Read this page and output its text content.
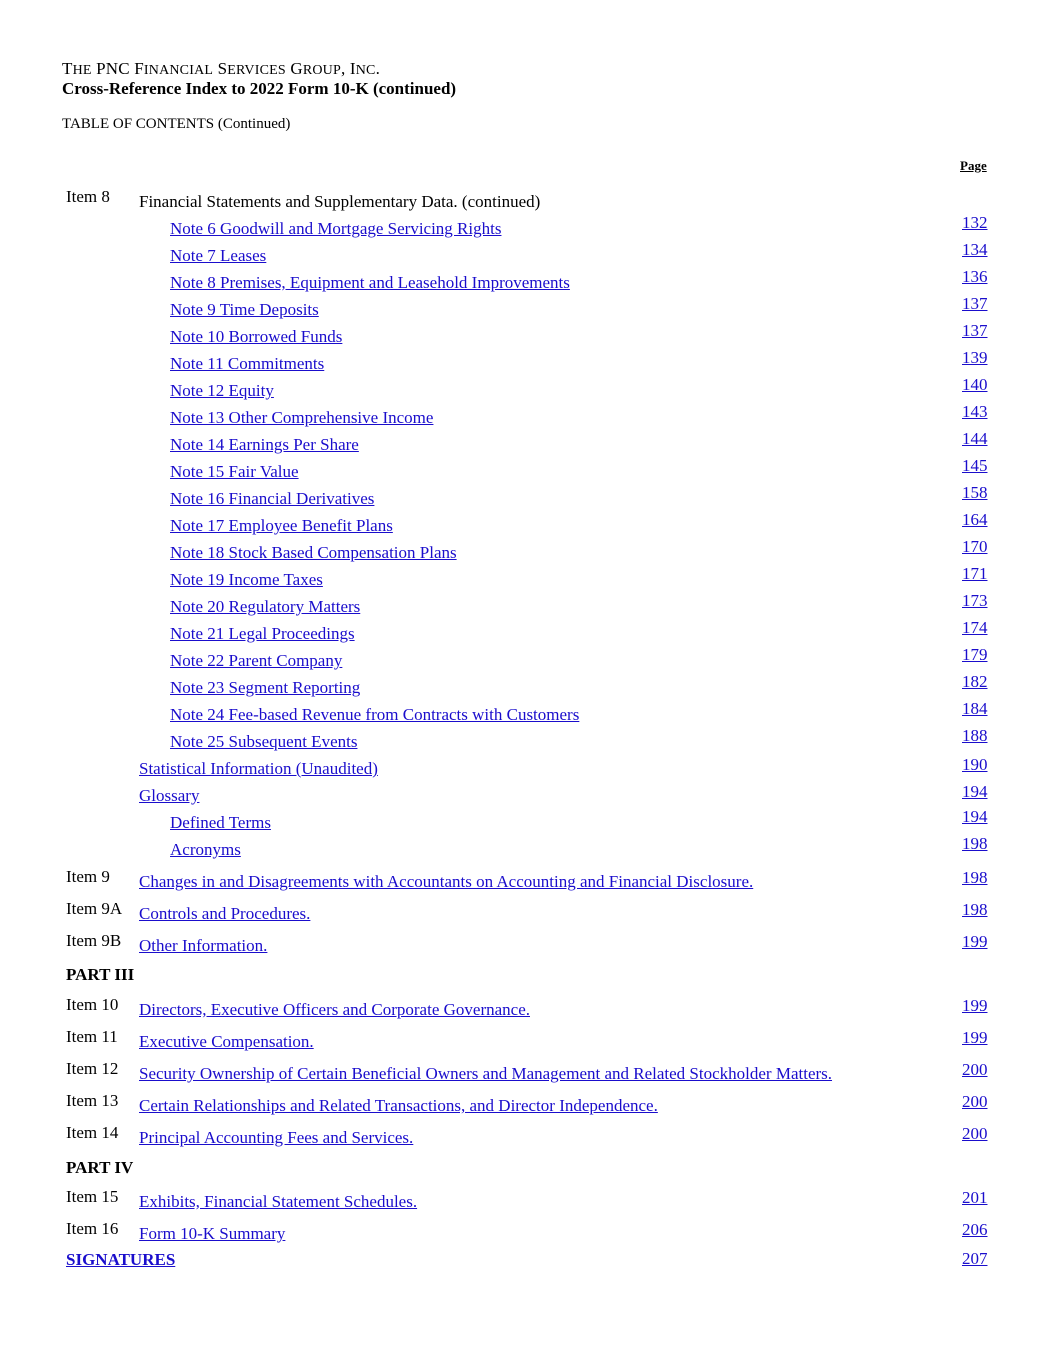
THE PNC FINANCIAL SERVICES GROUP, INC.
Cross-Reference Index to 2022 Form 10-K (continued)
TABLE OF CONTENTS (Continued)
Page
Item 8 Financial Statements and Supplementary Data. (continued)
Note 6 Goodwill and Mortgage Servicing Rights	132
Note 7 Leases	134
Note 8 Premises, Equipment and Leasehold Improvements	136
Note 9 Time Deposits	137
Note 10 Borrowed Funds	137
Note 11 Commitments	139
Note 12 Equity	140
Note 13 Other Comprehensive Income	143
Note 14 Earnings Per Share	144
Note 15 Fair Value	145
Note 16 Financial Derivatives	158
Note 17 Employee Benefit Plans	164
Note 18 Stock Based Compensation Plans	170
Note 19 Income Taxes	171
Note 20 Regulatory Matters	173
Note 21 Legal Proceedings	174
Note 22 Parent Company	179
Note 23 Segment Reporting	182
Note 24 Fee-based Revenue from Contracts with Customers	184
Note 25 Subsequent Events	188
Statistical Information (Unaudited)	190
Glossary	194
Defined Terms	194
Acronyms	198
Item 9 Changes in and Disagreements with Accountants on Accounting and Financial Disclosure.	198
Item 9A Controls and Procedures.	198
Item 9B Other Information.	199
PART III
Item 10 Directors, Executive Officers and Corporate Governance.	199
Item 11 Executive Compensation.	199
Item 12 Security Ownership of Certain Beneficial Owners and Management and Related Stockholder Matters.	200
Item 13 Certain Relationships and Related Transactions, and Director Independence.	200
Item 14 Principal Accounting Fees and Services.	200
PART IV
Item 15 Exhibits, Financial Statement Schedules.	201
Item 16 Form 10-K Summary	206
SIGNATURES	207
